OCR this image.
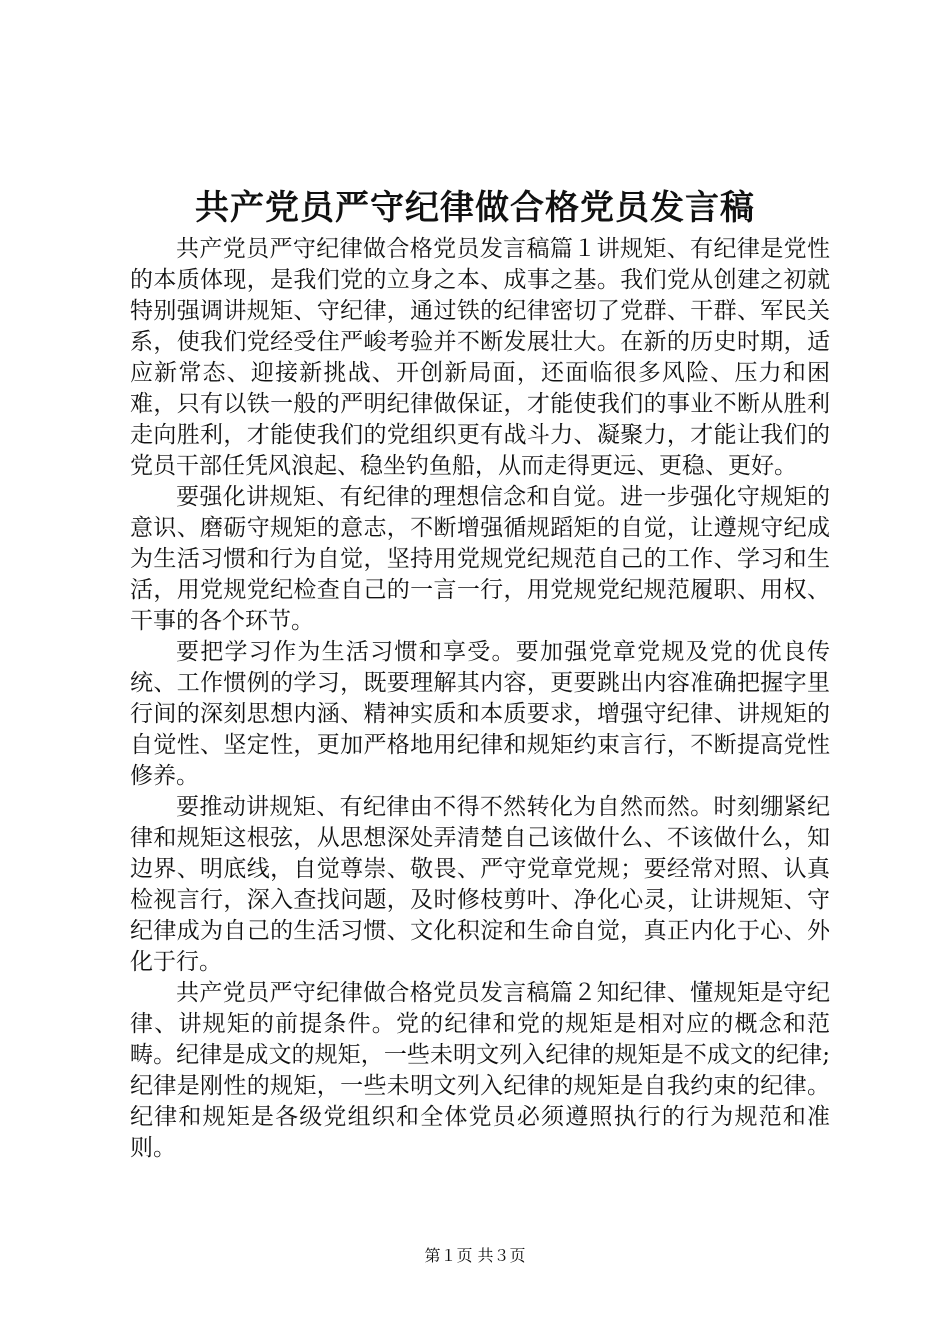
共产党员严守纪律做合格党员发言稿

共产党员严守纪律做合格党员发言稿篇１讲规矩、有纪律是党性的本质体现，是我们党的立身之本、成事之基。我们党从创建之初就特别强调讲规矩、守纪律，通过铁的纪律密切了党群、干群、军民关系，使我们党经受住严峻考验并不断发展壮大。在新的历史时期，适应新常态、迎接新挑战、开创新局面，还面临很多风险、压力和困难，只有以铁一般的严明纪律做保证，才能使我们的事业不断从胜利走向胜利，才能使我们的党组织更有战斗力、凝聚力，才能让我们的党员干部任凭风浪起、稳坐钓鱼船，从而走得更远、更稳、更好。

要强化讲规矩、有纪律的理想信念和自觉。进一步强化守规矩的意识、磨砺守规矩的意志，不断增强循规蹈矩的自觉，让遵规守纪成为生活习惯和行为自觉，坚持用党规党纪规范自己的工作、学习和生活，用党规党纪检查自己的一言一行，用党规党纪规范履职、用权、干事的各个环节。

要把学习作为生活习惯和享受。要加强党章党规及党的优良传统、工作惯例的学习，既要理解其内容，更要跳出内容准确把握字里行间的深刻思想内涵、精神实质和本质要求，增强守纪律、讲规矩的自觉性、坚定性，更加严格地用纪律和规矩约束言行，不断提高党性修养。

要推动讲规矩、有纪律由不得不然转化为自然而然。时刻绷紧纪律和规矩这根弦，从思想深处弄清楚自己该做什么、不该做什么，知边界、明底线，自觉尊崇、敬畏、严守党章党规；要经常对照、认真检视言行，深入查找问题，及时修枝剪叶、净化心灵，让讲规矩、守纪律成为自己的生活习惯、文化积淀和生命自觉，真正内化于心、外化于行。

共产党员严守纪律做合格党员发言稿篇２知纪律、懂规矩是守纪律、讲规矩的前提条件。党的纪律和党的规矩是相对应的概念和范畴。纪律是成文的规矩，一些未明文列入纪律的规矩是不成文的纪律;纪律是刚性的规矩，一些未明文列入纪律的规矩是自我约束的纪律。纪律和规矩是各级党组织和全体党员必须遵照执行的行为规范和准则。

第１页 共３页
